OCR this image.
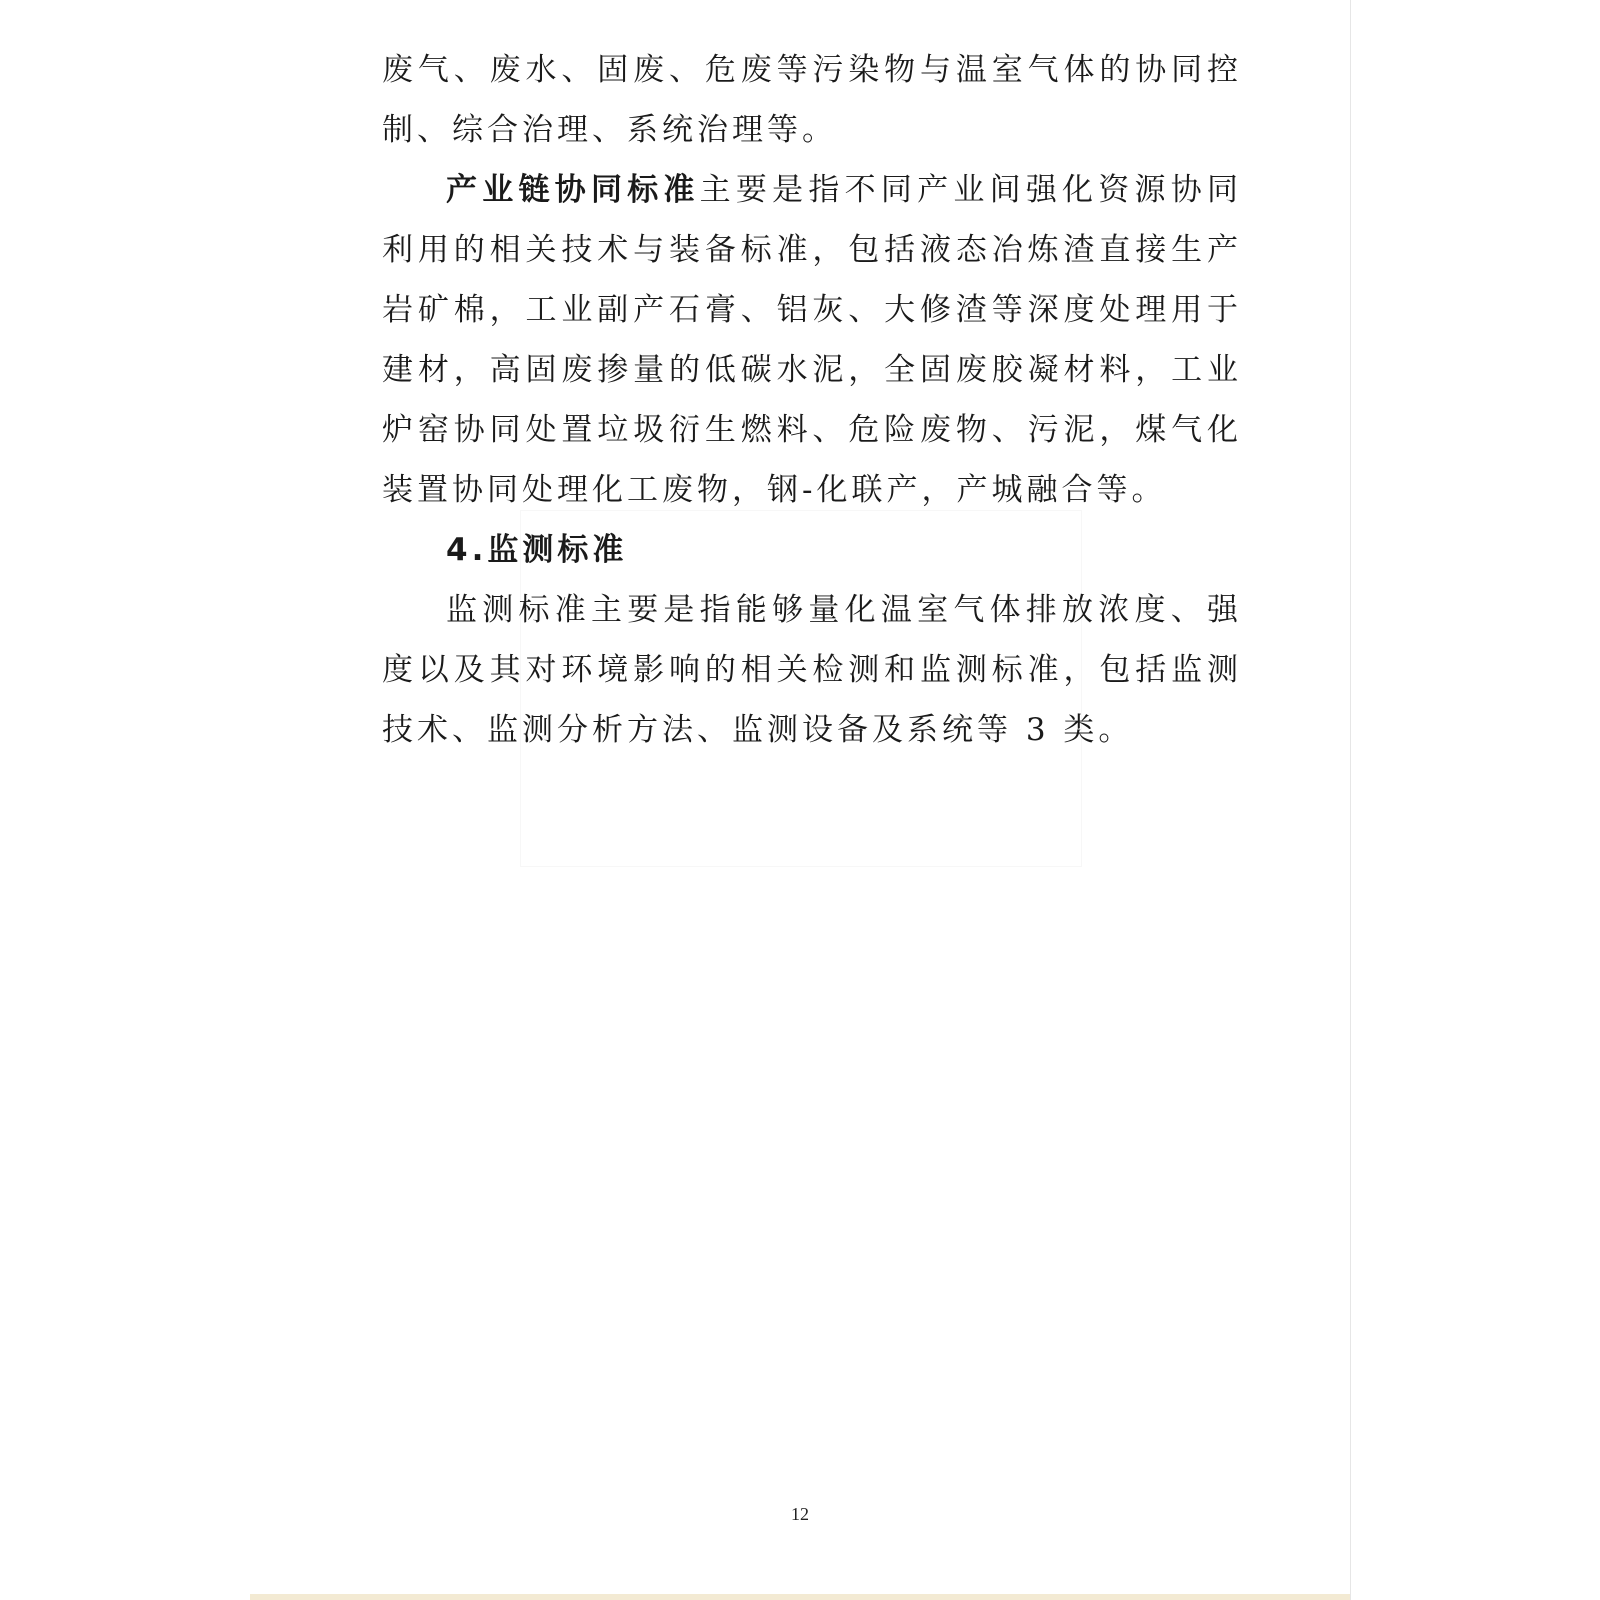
废气、废水、固废、危废等污染物与温室气体的协同控制、综合治理、系统治理等。

产业链协同标准主要是指不同产业间强化资源协同利用的相关技术与装备标准，包括液态冶炼渣直接生产岩矿棉，工业副产石膏、铝灰、大修渣等深度处理用于建材，高固废掺量的低碳水泥，全固废胶凝材料，工业炉窑协同处置垃圾衍生燃料、危险废物、污泥，煤气化装置协同处理化工废物，钢-化联产，产城融合等。

4.监测标准

监测标准主要是指能够量化温室气体排放浓度、强度以及其对环境影响的相关检测和监测标准，包括监测技术、监测分析方法、监测设备及系统等 3 类。

12
